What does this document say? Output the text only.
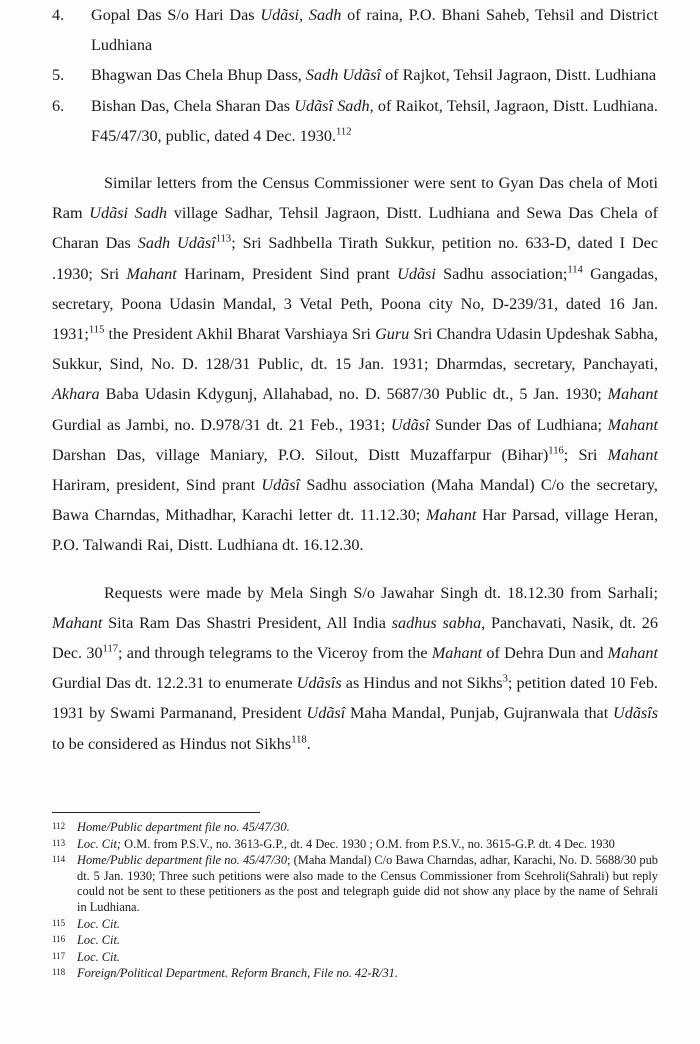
4.	Gopal Das S/o Hari Das Udãsi, Sadh of raina, P.O. Bhani Saheb, Tehsil and District Ludhiana
5.	Bhagwan Das Chela Bhup Dass, Sadh Udãsî of Rajkot, Tehsil Jagraon, Distt. Ludhiana
6.	Bishan Das, Chela Sharan Das Udãsî Sadh, of Raikot, Tehsil, Jagraon, Distt. Ludhiana. F45/47/30, public, dated 4 Dec. 1930.$^{112}$

Similar letters from the Census Commissioner were sent to Gyan Das chela of Moti Ram Udãsi Sadh village Sadhar, Tehsil Jagraon, Distt. Ludhiana and Sewa Das Chela of Charan Das Sadh Udãsî$^{113}$; Sri Sadhbella Tirath Sukkur, petition no. 633-D, dated I Dec .1930; Sri Mahant Harinam, President Sind prant Udãsi Sadhu association;$^{114}$ Gangadas, secretary, Poona Udasin Mandal, 3 Vetal Peth, Poona city No, D-239/31, dated 16 Jan. 1931;$^{115}$ the President Akhil Bharat Varshiaya Sri Guru Sri Chandra Udasin Updeshak Sabha, Sukkur, Sind, No. D. 128/31 Public, dt. 15 Jan. 1931; Dharmdas, secretary, Panchayati, Akhara Baba Udasin Kdygunj, Allahabad, no. D. 5687/30 Public dt., 5 Jan. 1930; Mahant Gurdial as Jambi, no. D.978/31 dt. 21 Feb., 1931; Udãsî Sunder Das of Ludhiana; Mahant Darshan Das, village Maniary, P.O. Silout, Distt Muzaffarpur (Bihar)$^{116}$; Sri Mahant Hariram, president, Sind prant Udãsî Sadhu association (Maha Mandal) C/o the secretary, Bawa Charndas, Mithadhar, Karachi letter dt. 11.12.30; Mahant Har Parsad, village Heran, P.O. Talwandi Rai, Distt. Ludhiana dt. 16.12.30.

Requests were made by Mela Singh S/o Jawahar Singh dt. 18.12.30 from Sarhali; Mahant Sita Ram Das Shastri President, All India sadhus sabha, Panchavati, Nasik, dt. 26 Dec. 30$^{117}$; and through telegrams to the Viceroy from the Mahant of Dehra Dun and Mahant Gurdial Das dt. 12.2.31 to enumerate Udãsîs as Hindus and not Sikhs$^3$; petition dated 10 Feb. 1931 by Swami Parmanand, President Udãsî Maha Mandal, Punjab, Gujranwala that Udãsîs to be considered as Hindus not Sikhs$^{118}$.

112 Home/Public department file no. 45/47/30.
113 Loc. Cit; O.M. from P.S.V., no. 3613-G.P., dt. 4 Dec. 1930 ; O.M. from P.S.V., no. 3615-G.P. dt. 4 Dec. 1930
114 Home/Public department file no. 45/47/30; (Maha Mandal) C/o Bawa Charndas, adhar, Karachi, No. D. 5688/30 pub dt. 5 Jan. 1930; Three such petitions were also made to the Census Commissioner from Scehroli(Sahrali) but reply could not be sent to these petitioners as the post and telegraph guide did not show any place by the name of Sehrali in Ludhiana.
115 Loc. Cit.
116 Loc. Cit.
117 Loc. Cit.
118 Foreign/Political Department. Reform Branch, File no. 42-R/31.
